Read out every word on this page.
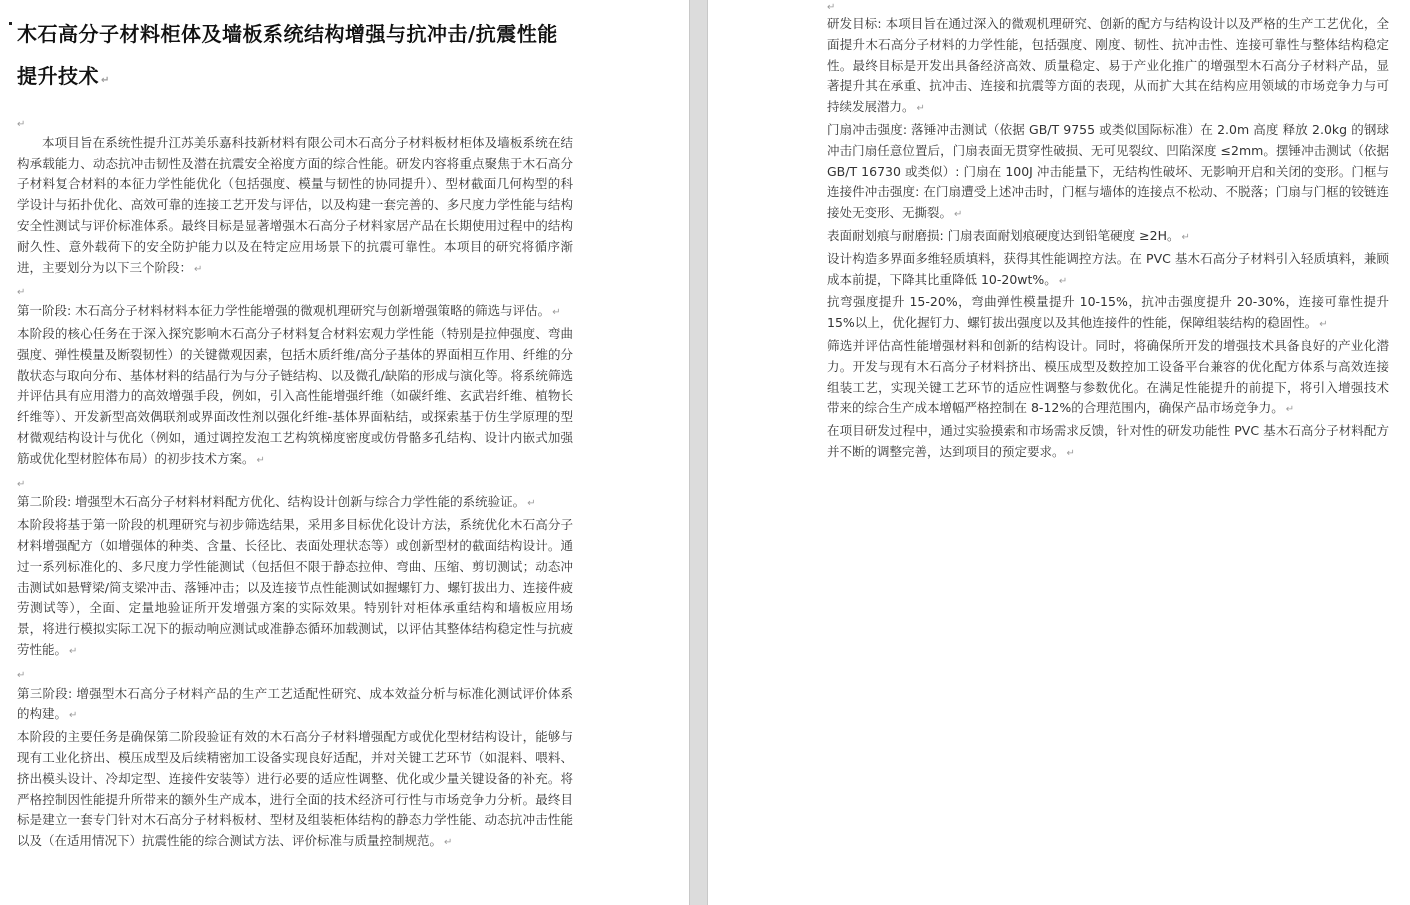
木石高分子材料柜体及墙板系统结构增强与抗冲击/抗震性能提升技术 ↵
↵

本项目旨在系统性提升江苏美乐嘉科技新材料有限公司木石高分子材料板材柜体及墙板系统在结构承载能力、动态抗冲击韧性及潜在抗震安全裕度方面的综合性能。研发内容将重点聚焦于木石高分子材料复合材料的本征力学性能优化（包括强度、模量与韧性的协同提升）、型材截面几何构型的科学设计与拓扑优化、高效可靠的连接工艺开发与评估，以及构建一套完善的、多尺度力学性能与结构安全性测试与评价标准体系。最终目标是显著增强木石高分子材料家居产品在长期使用过程中的结构耐久性、意外载荷下的安全防护能力以及在特定应用场景下的抗震可靠性。本项目的研究将循序渐进，主要划分为以下三个阶段： ↵

↵

第一阶段: 木石高分子材料材料本征力学性能增强的微观机理研究与创新增强策略的筛选与评估。 ↵

本阶段的核心任务在于深入探究影响木石高分子材料复合材料宏观力学性能（特别是拉伸强度、弯曲强度、弹性模量及断裂韧性）的关键微观因素，包括木质纤维/高分子基体的界面相互作用、纤维的分散状态与取向分布、基体材料的结晶行为与分子链结构、以及微孔/缺陷的形成与演化等。将系统筛选并评估具有应用潜力的高效增强手段，例如，引入高性能增强纤维（如碳纤维、玄武岩纤维、植物长纤维等）、开发新型高效偶联剂或界面改性剂以强化纤维-基体界面粘结，或探索基于仿生学原理的型材微观结构设计与优化（例如，通过调控发泡工艺构筑梯度密度或仿骨骼多孔结构、设计内嵌式加强筋或优化型材腔体布局）的初步技术方案。 ↵

↵

第二阶段: 增强型木石高分子材料材料配方优化、结构设计创新与综合力学性能的系统验证。 ↵

本阶段将基于第一阶段的机理研究与初步筛选结果，采用多目标优化设计方法，系统优化木石高分子材料增强配方（如增强体的种类、含量、长径比、表面处理状态等）或创新型材的截面结构设计。通过一系列标准化的、多尺度力学性能测试（包括但不限于静态拉伸、弯曲、压缩、剪切测试；动态冲击测试如悬臂梁/简支梁冲击、落锤冲击；以及连接节点性能测试如握螺钉力、螺钉拔出力、连接件疲劳测试等），全面、定量地验证所开发增强方案的实际效果。特别针对柜体承重结构和墙板应用场景，将进行模拟实际工况下的振动响应测试或准静态循环加载测试，以评估其整体结构稳定性与抗疲劳性能。 ↵

↵

第三阶段: 增强型木石高分子材料产品的生产工艺适配性研究、成本效益分析与标准化测试评价体系的构建。 ↵

本阶段的主要任务是确保第二阶段验证有效的木石高分子材料增强配方或优化型材结构设计，能够与现有工业化挤出、模压成型及后续精密加工设备实现良好适配，并对关键工艺环节（如混料、喂料、挤出模头设计、冷却定型、连接件安装等）进行必要的适应性调整、优化或少量关键设备的补充。将严格控制因性能提升所带来的额外生产成本，进行全面的技术经济可行性与市场竞争力分析。最终目标是建立一套专门针对木石高分子材料板材、型材及组装柜体结构的静态力学性能、动态抗冲击性能以及（在适用情况下）抗震性能的综合测试方法、评价标准与质量控制规范。 ↵

↵

研发目标: 本项目旨在通过深入的微观机理研究、创新的配方与结构设计以及严格的生产工艺优化，全面提升木石高分子材料的力学性能，包括强度、刚度、韧性、抗冲击性、连接可靠性与整体结构稳定性。最终目标是开发出具备经济高效、质量稳定、易于产业化推广的增强型木石高分子材料产品，显著提升其在承重、抗冲击、连接和抗震等方面的表现，从而扩大其在结构应用领域的市场竞争力与可持续发展潜力。 ↵

门扇冲击强度: 落锤冲击测试（依据 GB/T 9755 或类似国际标准）在 2.0m 高度 释放 2.0kg 的钢球 冲击门扇任意位置后，门扇表面无贯穿性破损、无可见裂纹、凹陷深度 ≤2mm。摆锤冲击测试（依据 GB/T 16730 或类似）: 门扇在 100J 冲击能量下，无结构性破坏、无影响开启和关闭的变形。门框与连接件冲击强度: 在门扇遭受上述冲击时，门框与墙体的连接点不松动、不脱落；门扇与门框的铰链连接处无变形、无撕裂。 ↵

表面耐划痕与耐磨损: 门扇表面耐划痕硬度达到铅笔硬度 ≥2H。 ↵

设计构造多界面多维轻质填料，获得其性能调控方法。在 PVC 基木石高分子材料引入轻质填料，兼顾成本前提，下降其比重降低 10-20wt%。 ↵

抗弯强度提升 15-20%，弯曲弹性模量提升 10-15%，抗冲击强度提升 20-30%，连接可靠性提升 15%以上，优化握钉力、螺钉拔出强度以及其他连接件的性能，保障组装结构的稳固性。 ↵

筛选并评估高性能增强材料和创新的结构设计。同时，将确保所开发的增强技术具备良好的产业化潜力。开发与现有木石高分子材料挤出、模压成型及数控加工设备平台兼容的优化配方体系与高效连接组装工艺，实现关键工艺环节的适应性调整与参数优化。在满足性能提升的前提下，将引入增强技术带来的综合生产成本增幅严格控制在 8-12%的合理范围内，确保产品市场竞争力。 ↵

在项目研发过程中，通过实验摸索和市场需求反馈，针对性的研发功能性 PVC 基木石高分子材料配方并不断的调整完善，达到项目的预定要求。 ↵
